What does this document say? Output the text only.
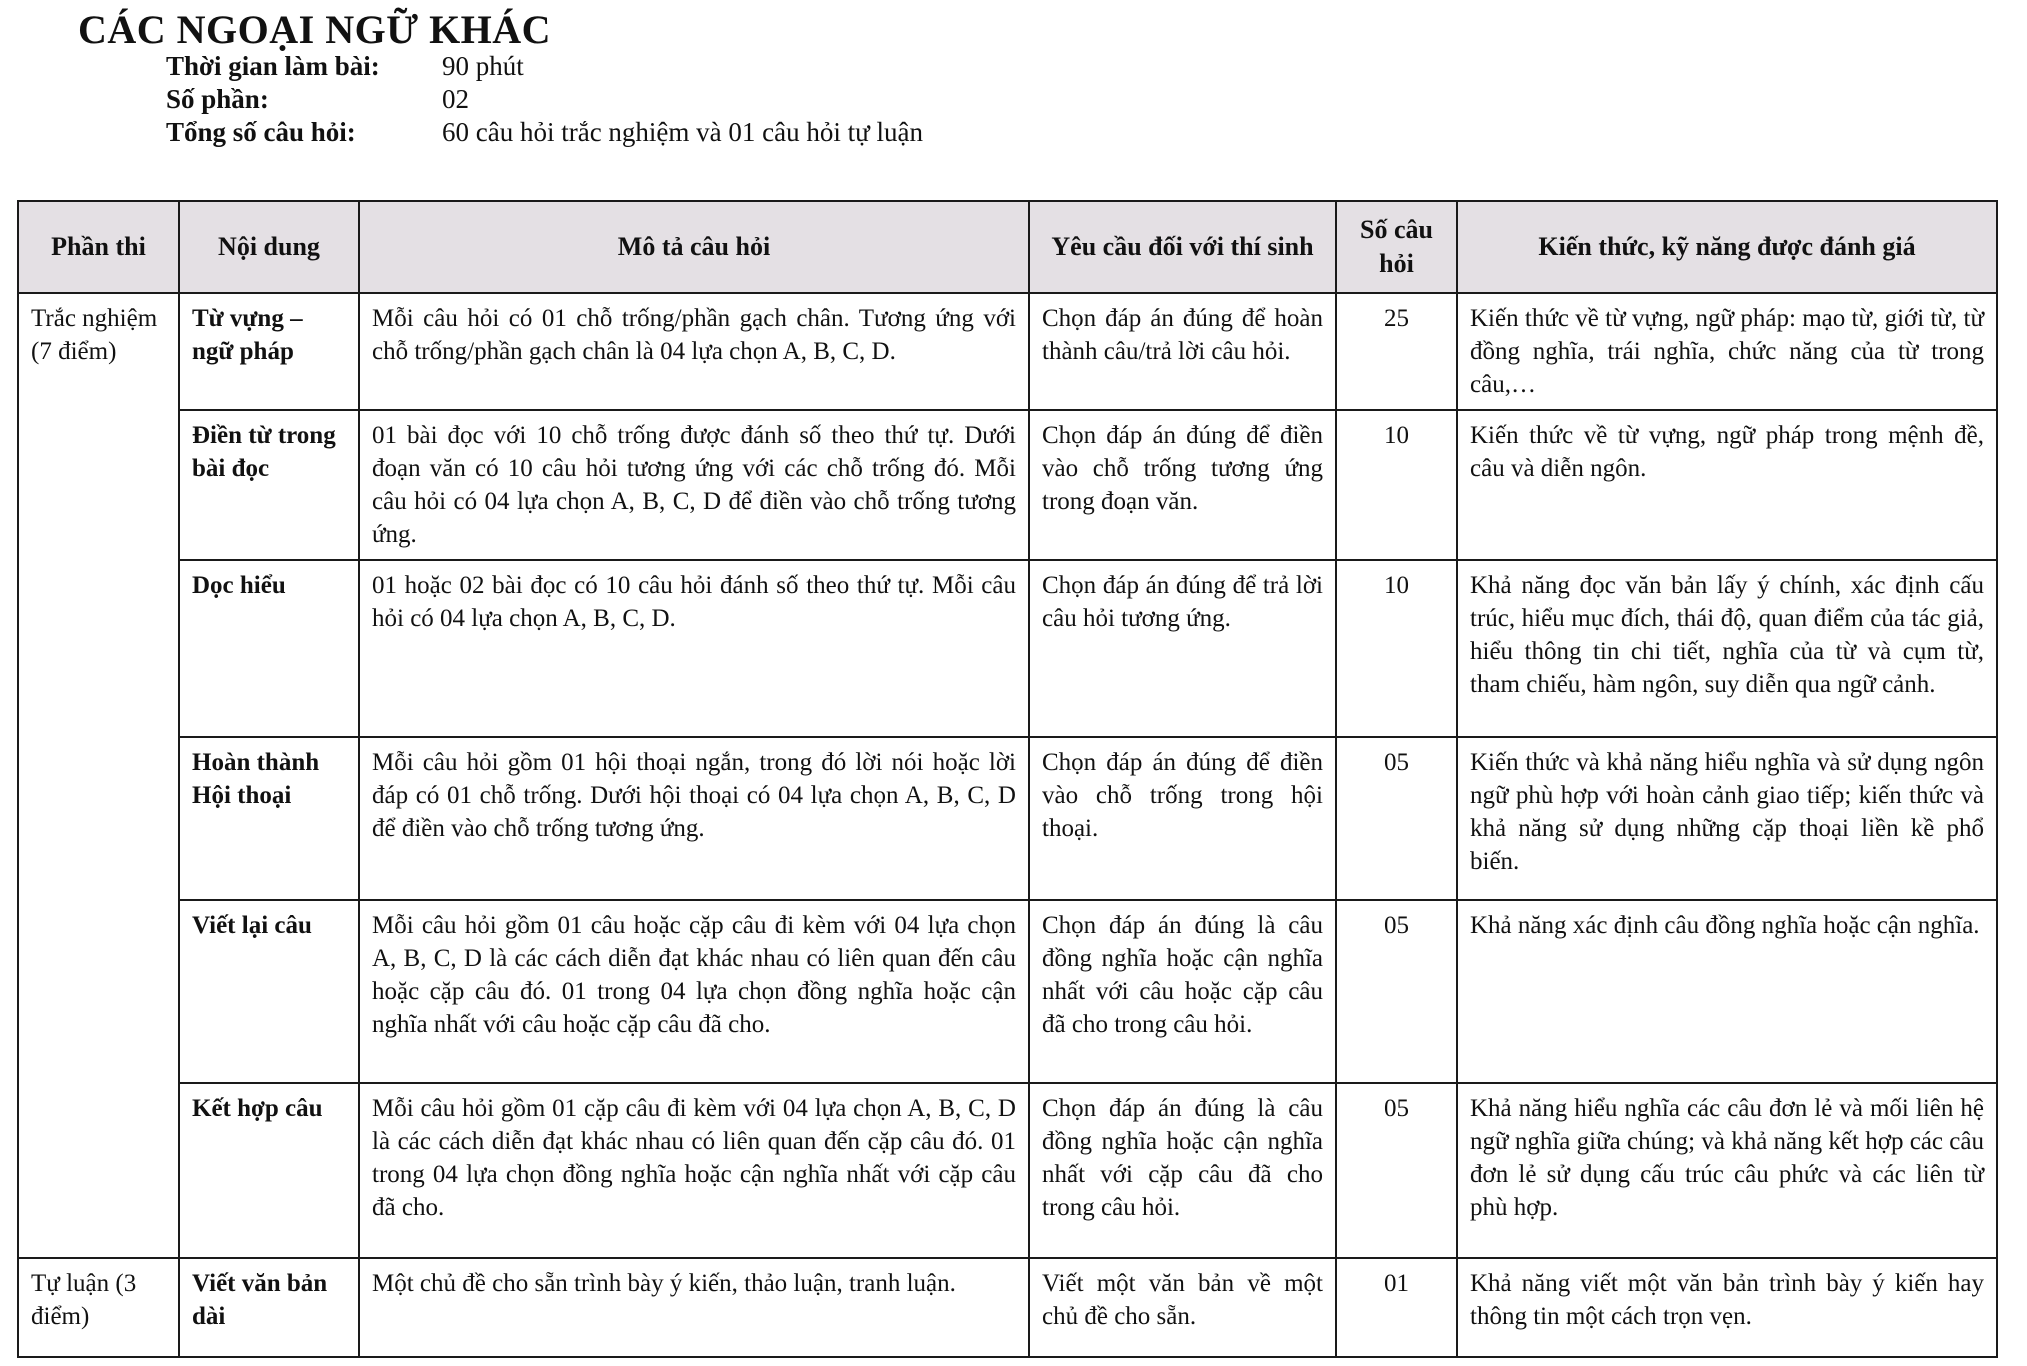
CÁC NGOẠI NGỮ KHÁC
Thời gian làm bài:	90 phút
Số phần:	02
Tổng số câu hỏi:	60 câu hỏi trắc nghiệm và 01 câu hỏi tự luận
Phần thi	Nội dung	Mô tả câu hỏi	Yêu cầu đối với thí sinh	Số câu hỏi	Kiến thức, kỹ năng được đánh giá
Trắc nghiệm (7 điểm)	Từ vựng – ngữ pháp	Mỗi câu hỏi có 01 chỗ trống/phần gạch chân. Tương ứng với chỗ trống/phần gạch chân là 04 lựa chọn A, B, C, D.	Chọn đáp án đúng để hoàn thành câu/trả lời câu hỏi.	25	Kiến thức về từ vựng, ngữ pháp: mạo từ, giới từ, từ đồng nghĩa, trái nghĩa, chức năng của từ trong câu,…
	Điền từ trong bài đọc	01 bài đọc với 10 chỗ trống được đánh số theo thứ tự. Dưới đoạn văn có 10 câu hỏi tương ứng với các chỗ trống đó. Mỗi câu hỏi có 04 lựa chọn A, B, C, D để điền vào chỗ trống tương ứng.	Chọn đáp án đúng để điền vào chỗ trống tương ứng trong đoạn văn.	10	Kiến thức về từ vựng, ngữ pháp trong mệnh đề, câu và diễn ngôn.
	Dọc hiểu	01 hoặc 02 bài đọc có 10 câu hỏi đánh số theo thứ tự. Mỗi câu hỏi có 04 lựa chọn A, B, C, D.	Chọn đáp án đúng để trả lời câu hỏi tương ứng.	10	Khả năng đọc văn bản lấy ý chính, xác định cấu trúc, hiểu mục đích, thái độ, quan điểm của tác giả, hiểu thông tin chi tiết, nghĩa của từ và cụm từ, tham chiếu, hàm ngôn, suy diễn qua ngữ cảnh.
	Hoàn thành Hội thoại	Mỗi câu hỏi gồm 01 hội thoại ngắn, trong đó lời nói hoặc lời đáp có 01 chỗ trống. Dưới hội thoại có 04 lựa chọn A, B, C, D để điền vào chỗ trống tương ứng.	Chọn đáp án đúng để điền vào chỗ trống trong hội thoại.	05	Kiến thức và khả năng hiểu nghĩa và sử dụng ngôn ngữ phù hợp với hoàn cảnh giao tiếp; kiến thức và khả năng sử dụng những cặp thoại liền kề phổ biến.
	Viết lại câu	Mỗi câu hỏi gồm 01 câu hoặc cặp câu đi kèm với 04 lựa chọn A, B, C, D là các cách diễn đạt khác nhau có liên quan đến câu hoặc cặp câu đó. 01 trong 04 lựa chọn đồng nghĩa hoặc cận nghĩa nhất với câu hoặc cặp câu đã cho.	Chọn đáp án đúng là câu đồng nghĩa hoặc cận nghĩa nhất với câu hoặc cặp câu đã cho trong câu hỏi.	05	Khả năng xác định câu đồng nghĩa hoặc cận nghĩa.
	Kết hợp câu	Mỗi câu hỏi gồm 01 cặp câu đi kèm với 04 lựa chọn A, B, C, D là các cách diễn đạt khác nhau có liên quan đến cặp câu đó. 01 trong 04 lựa chọn đồng nghĩa hoặc cận nghĩa nhất với cặp câu đã cho.	Chọn đáp án đúng là câu đồng nghĩa hoặc cận nghĩa nhất với cặp câu đã cho trong câu hỏi.	05	Khả năng hiểu nghĩa các câu đơn lẻ và mối liên hệ ngữ nghĩa giữa chúng; và khả năng kết hợp các câu đơn lẻ sử dụng cấu trúc câu phức và các liên từ phù hợp.
Tự luận (3 điểm)	Viết văn bản dài	Một chủ đề cho sẵn trình bày ý kiến, thảo luận, tranh luận.	Viết một văn bản về một chủ đề cho sẵn.	01	Khả năng viết một văn bản trình bày ý kiến hay thông tin một cách trọn vẹn.
